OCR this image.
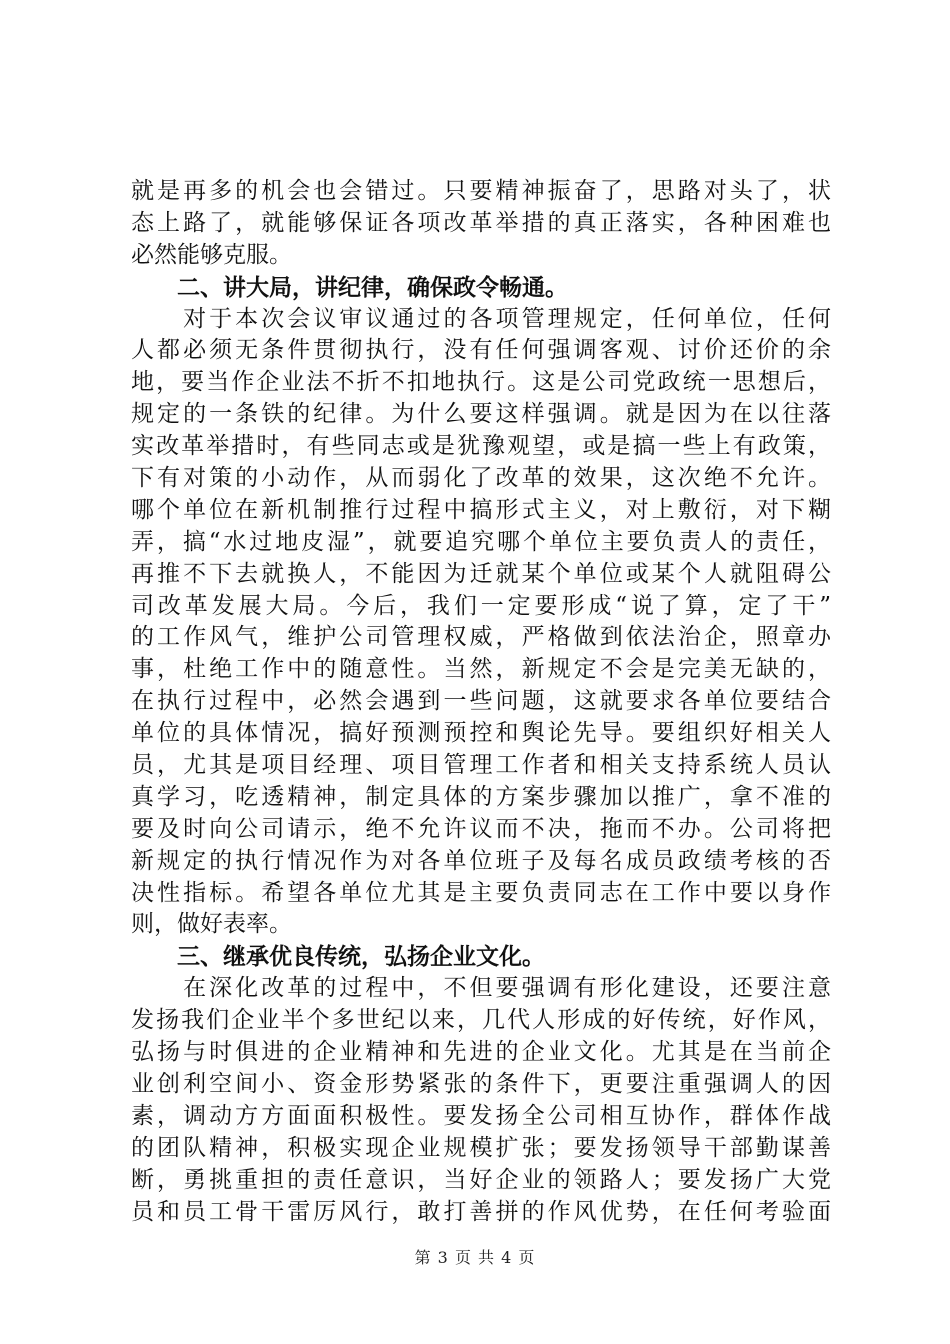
就是再多的机会也会错过。只要精神振奋了，思路对头了，状
态上路了，就能够保证各项改革举措的真正落实，各种困难也
必然能够克服。
二、讲大局，讲纪律，确保政令畅通。
　　对于本次会议审议通过的各项管理规定，任何单位，任何
人都必须无条件贯彻执行，没有任何强调客观、讨价还价的余
地，要当作企业法不折不扣地执行。这是公司党政统一思想后，
规定的一条铁的纪律。为什么要这样强调。就是因为在以往落
实改革举措时，有些同志或是犹豫观望，或是搞一些上有政策，
下有对策的小动作，从而弱化了改革的效果，这次绝不允许。
哪个单位在新机制推行过程中搞形式主义，对上敷衍，对下糊
弄，搞“水过地皮湿”，就要追究哪个单位主要负责人的责任，
再推不下去就换人，不能因为迁就某个单位或某个人就阻碍公
司改革发展大局。今后，我们一定要形成“说了算，定了干”
的工作风气，维护公司管理权威，严格做到依法治企，照章办
事，杜绝工作中的随意性。当然，新规定不会是完美无缺的，
在执行过程中，必然会遇到一些问题，这就要求各单位要结合
单位的具体情况，搞好预测预控和舆论先导。要组织好相关人
员，尤其是项目经理、项目管理工作者和相关支持系统人员认
真学习，吃透精神，制定具体的方案步骤加以推广，拿不准的
要及时向公司请示，绝不允许议而不决，拖而不办。公司将把
新规定的执行情况作为对各单位班子及每名成员政绩考核的否
决性指标。希望各单位尤其是主要负责同志在工作中要以身作
则，做好表率。
三、继承优良传统，弘扬企业文化。
　　在深化改革的过程中，不但要强调有形化建设，还要注意
发扬我们企业半个多世纪以来，几代人形成的好传统，好作风，
弘扬与时俱进的企业精神和先进的企业文化。尤其是在当前企
业创利空间小、资金形势紧张的条件下，更要注重强调人的因
素，调动方方面面积极性。要发扬全公司相互协作，群体作战
的团队精神，积极实现企业规模扩张；要发扬领导干部勤谋善
断，勇挑重担的责任意识，当好企业的领路人；要发扬广大党
员和员工骨干雷厉风行，敢打善拼的作风优势，在任何考验面
第 3 页 共 4 页
